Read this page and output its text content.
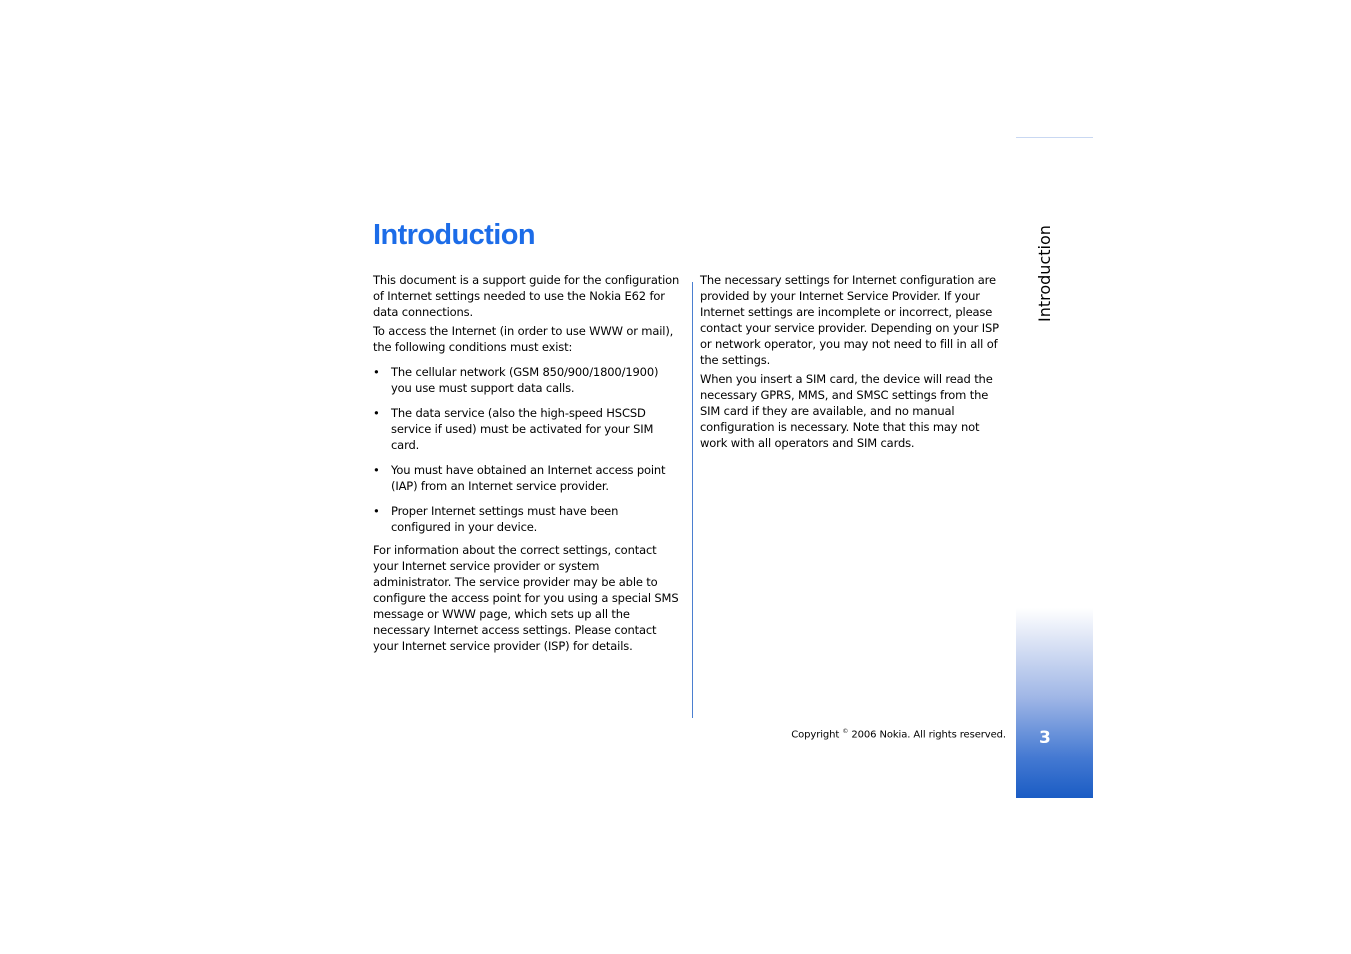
Introduction

This document is a support guide for the configuration of Internet settings needed to use the Nokia E62 for data connections.

To access the Internet (in order to use WWW or mail), the following conditions must exist:

• The cellular network (GSM 850/900/1800/1900) you use must support data calls.
• The data service (also the high-speed HSCSD service if used) must be activated for your SIM card.
• You must have obtained an Internet access point (IAP) from an Internet service provider.
• Proper Internet settings must have been configured in your device.

For information about the correct settings, contact your Internet service provider or system administrator. The service provider may be able to configure the access point for you using a special SMS message or WWW page, which sets up all the necessary Internet access settings. Please contact your Internet service provider (ISP) for details.

The necessary settings for Internet configuration are provided by your Internet Service Provider. If your Internet settings are incomplete or incorrect, please contact your service provider. Depending on your ISP or network operator, you may not need to fill in all of the settings.

When you insert a SIM card, the device will read the necessary GPRS, MMS, and SMSC settings from the SIM card if they are available, and no manual configuration is necessary. Note that this may not work with all operators and SIM cards.

Copyright © 2006 Nokia. All rights reserved.
Introduction
3
